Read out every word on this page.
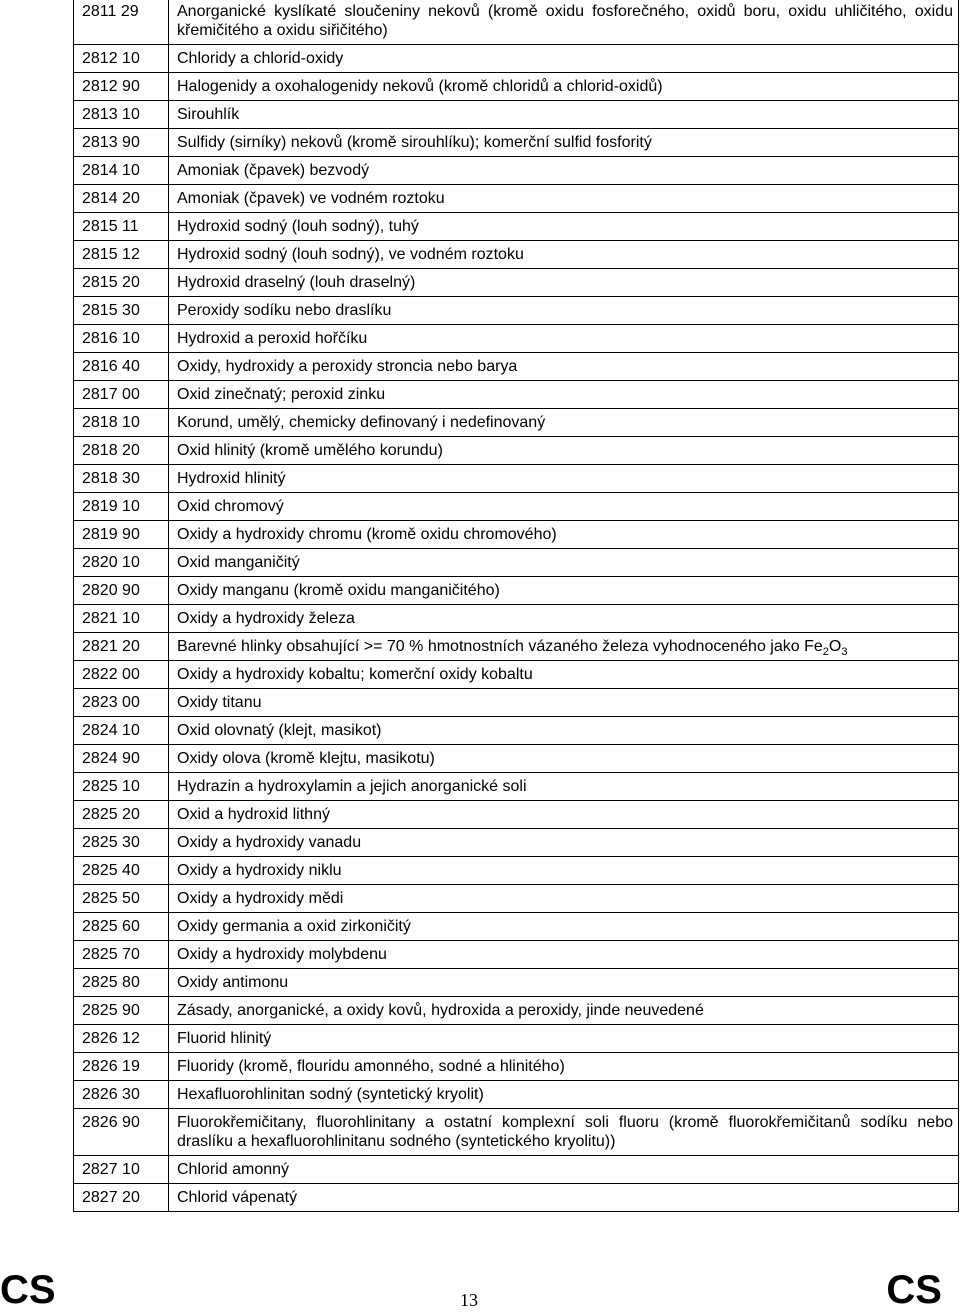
2811 29	Anorganické kyslíkaté sloučeniny nekovů (kromě oxidu fosforečného, oxidů boru, oxidu uhličitého, oxidu křemičitého a oxidu siřičitého)
2812 10	Chloridy a chlorid-oxidy
2812 90	Halogenidy a oxohalogenidy nekovů (kromě chloridů a chlorid-oxidů)
2813 10	Sirouhlík
2813 90	Sulfidy (sirníky) nekovů (kromě sirouhlíku); komerční sulfid fosforitý
2814 10	Amoniak (čpavek) bezvodý
2814 20	Amoniak (čpavek) ve vodném roztoku
2815 11	Hydroxid sodný (louh sodný), tuhý
2815 12	Hydroxid sodný (louh sodný), ve vodném roztoku
2815 20	Hydroxid draselný (louh draselný)
2815 30	Peroxidy sodíku nebo draslíku
2816 10	Hydroxid a peroxid hořčíku
2816 40	Oxidy, hydroxidy a peroxidy stroncia nebo barya
2817 00	Oxid zinečnatý; peroxid zinku
2818 10	Korund, umělý, chemicky definovaný i nedefinovaný
2818 20	Oxid hlinitý (kromě umělého korundu)
2818 30	Hydroxid hlinitý
2819 10	Oxid chromový
2819 90	Oxidy a hydroxidy chromu (kromě oxidu chromového)
2820 10	Oxid manganičitý
2820 90	Oxidy manganu (kromě oxidu manganičitého)
2821 10	Oxidy a hydroxidy železa
2821 20	Barevné hlinky obsahující >= 70 % hmotnostních vázaného železa vyhodnoceného jako $Fe_2O_3$
2822 00	Oxidy a hydroxidy kobaltu; komerční oxidy kobaltu
2823 00	Oxidy titanu
2824 10	Oxid olovnatý (klejt, masikot)
2824 90	Oxidy olova (kromě klejtu, masikotu)
2825 10	Hydrazin a hydroxylamin a jejich anorganické soli
2825 20	Oxid a hydroxid lithný
2825 30	Oxidy a hydroxidy vanadu
2825 40	Oxidy a hydroxidy niklu
2825 50	Oxidy a hydroxidy mědi
2825 60	Oxidy germania a oxid zirkoničitý
2825 70	Oxidy a hydroxidy molybdenu
2825 80	Oxidy antimonu
2825 90	Zásady, anorganické, a oxidy kovů, hydroxida a peroxidy, jinde neuvedené
2826 12	Fluorid hlinitý
2826 19	Fluoridy (kromě, flouridu amonného, sodné a hlinitého)
2826 30	Hexafluorohlinitan sodný (syntetický kryolit)
2826 90	Fluorokřemičitany, fluorohlinitany a ostatní komplexní soli fluoru (kromě fluorokřemičitanů sodíku nebo draslíku a hexafluorohlinitanu sodného (syntetického kryolitu))
2827 10	Chlorid amonný
2827 20	Chlorid vápenatý
CS	13	CS
